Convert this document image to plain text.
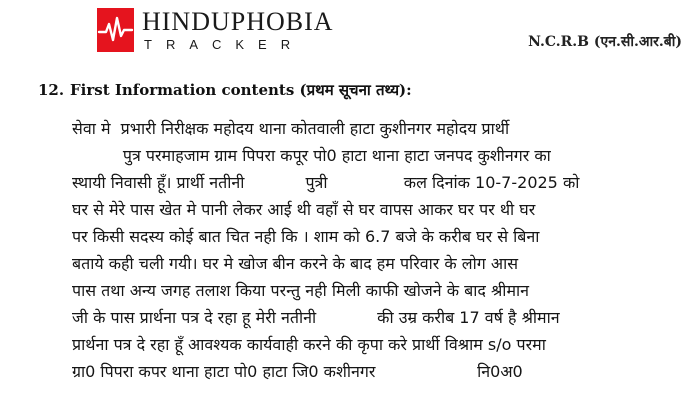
HINDUPHOBIA
TRACKER	N.C.R.B (एन.सी.आर.बी)
12. First Information contents (प्रथम सूचना तथ्य):
सेवा मे  प्रभारी निरीक्षक महोदय थाना कोतवाली हाटा कुशीनगर महोदय प्रार्थी
पुत्र परमाहजाम ग्राम पिपरा कपूर पो0 हाटा थाना हाटा जनपद कुशीनगर का
स्थायी निवासी हूँ। प्रार्थी नतीनी            पुत्री               कल दिनांक 10-7-2025 को
घर से मेरे पास खेत मे पानी लेकर आई थी वहाँ से घर वापस आकर घर पर थी घर
पर किसी सदस्य कोई बात चित नही कि । शाम को 6.7 बजे के करीब घर से बिना
बताये कही चली गयी। घर मे खोज बीन करने के बाद हम परिवार के लोग आस
पास तथा अन्य जगह तलाश किया परन्तु नही मिली काफी खोजने के बाद श्रीमान
जी के पास प्रार्थना पत्र दे रहा हू मेरी नतीनी            की उम्र करीब 17 वर्ष है श्रीमान
प्रार्थना पत्र दे रहा हूँ आवश्यक कार्यवाही करने की कृपा करे प्रार्थी विश्राम s/o परमा
ग्रा0 पिपरा कपर थाना हाटा पो0 हाटा जि0 कशीनगर                    नि0अ0
